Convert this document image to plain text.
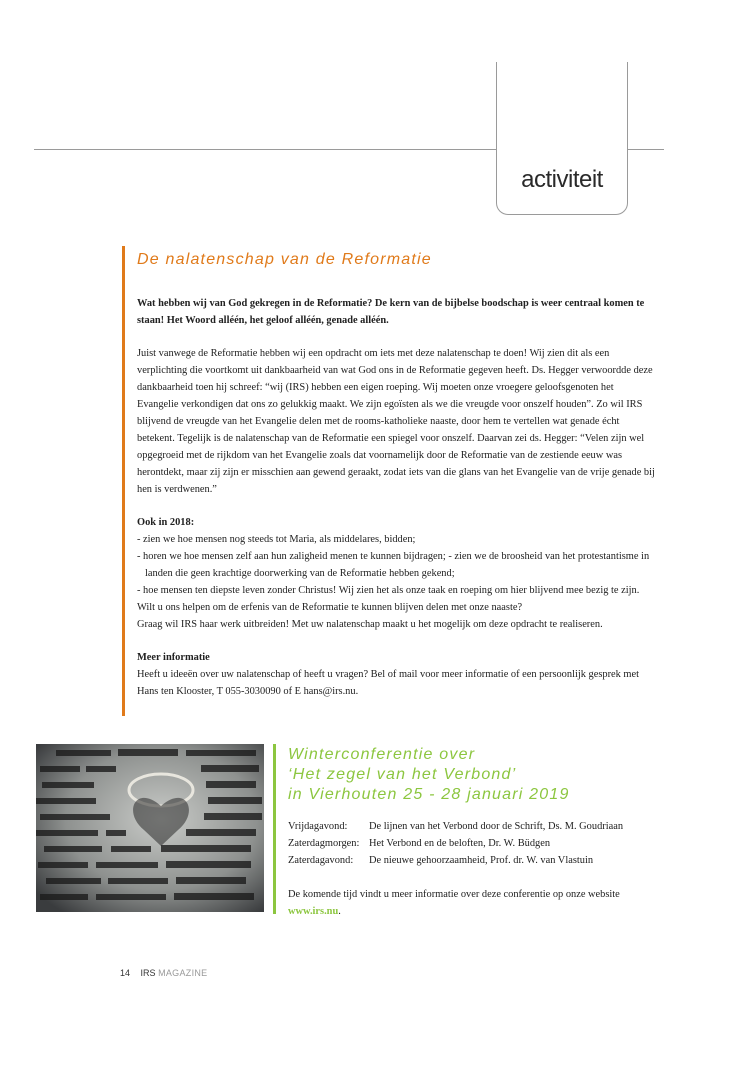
activiteit
De nalatenschap van de Reformatie

Wat hebben wij van God gekregen in de Reformatie? De kern van de bijbelse boodschap is weer centraal komen te staan! Het Woord alléén, het geloof alléén, genade alléén.

Juist vanwege de Reformatie hebben wij een opdracht om iets met deze nalatenschap te doen! Wij zien dit als een verplichting die voortkomt uit dankbaarheid van wat God ons in de Reformatie gegeven heeft. Ds. Hegger verwoordde deze dankbaarheid toen hij schreef: “wij (IRS) hebben een eigen roeping. Wij moeten onze vroegere geloofsgenoten het Evangelie verkondigen dat ons zo gelukkig maakt. We zijn egoïsten als we die vreugde voor onszelf houden”. Zo wil IRS blijvend de vreugde van het Evangelie delen met de rooms-katholieke naaste, door hem te vertellen wat genade écht betekent. Tegelijk is de nalatenschap van de Reformatie een spiegel voor onszelf. Daarvan zei ds. Hegger: “Velen zijn wel opgegroeid met de rijkdom van het Evangelie zoals dat voornamelijk door de Reformatie van de zestiende eeuw was herontdekt, maar zij zijn er misschien aan gewend geraakt, zodat iets van die glans van het Evangelie van de vrije genade bij hen is verdwenen.”

Ook in 2018:

- zien we hoe mensen nog steeds tot Maria, als middelares, bidden;

- horen we hoe mensen zelf aan hun zaligheid menen te kunnen bijdragen; - zien we de broosheid van het protestantisme in landen die geen krachtige doorwerking van de Reformatie hebben gekend;

- hoe mensen ten diepste leven zonder Christus! Wij zien het als onze taak en roeping om hier blijvend mee bezig te zijn.

Wilt u ons helpen om de erfenis van de Reformatie te kunnen blijven delen met onze naaste?

Graag wil IRS haar werk uitbreiden! Met uw nalatenschap maakt u het mogelijk om deze opdracht te realiseren.

Meer informatie

Heeft u ideeën over uw nalatenschap of heeft u vragen? Bel of mail voor meer informatie of een persoonlijk gesprek met Hans ten Klooster, T 055-3030090 of E hans@irs.nu.

Winterconferentie over
‘Het zegel van het Verbond’
in Vierhouten 25 - 28 januari 2019
Vrijdagavond:	De lijnen van het Verbond door de Schrift, Ds. M. Goudriaan
Zaterdagmorgen: Het Verbond en de beloften, Dr. W. Büdgen
Zaterdagavond:	De nieuwe gehoorzaamheid, Prof. dr. W. van Vlastuin

De komende tijd vindt u meer informatie over deze conferentie op onze website www.irs.nu.

14 IRS MAGAZINE
